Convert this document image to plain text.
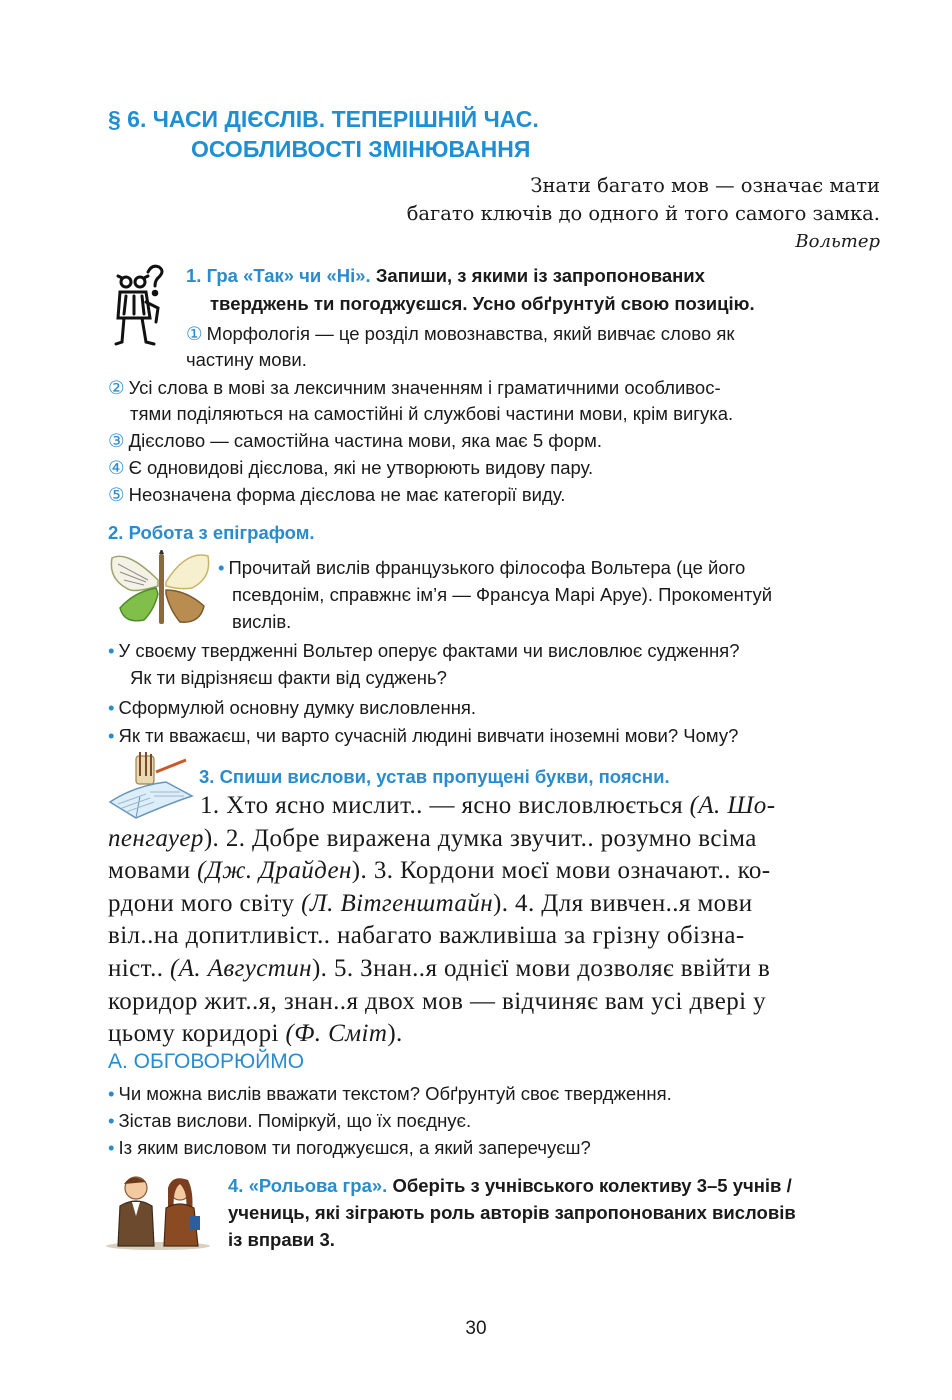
§ 6. ЧАСИ ДІЄСЛІВ. ТЕПЕРІШНІЙ ЧАС.
ОСОБЛИВОСТІ ЗМІНЮВАННЯ
Знати багато мов — означає мати
багато ключів до одного й того самого замка.
Вольтер
1. Гра «Так» чи «Ні». Запиши, з якими із запропонованих
тверджень ти погоджуєшся. Усно обґрунтуй свою позицію.
① Морфологія — це розділ мовознавства, який вивчає слово як
частину мови.
② Усі слова в мові за лексичним значенням і граматичними особливос-
тями поділяються на самостійні й службові частини мови, крім вигука.
③ Дієслово — самостійна частина мови, яка має 5 форм.
④ Є одновидові дієслова, які не утворюють видову пару.
⑤ Неозначена форма дієслова не має категорії виду.
2. Робота з епіграфом.
• Прочитай вислів французького філософа Вольтера (це його
псевдонім, справжнє ім’я — Франсуа Марі Аруе). Прокоментуй
вислів.
• У своєму твердженні Вольтер оперує фактами чи висловлює судження?
Як ти відрізняєш факти від суджень?
• Сформулюй основну думку висловлення.
• Як ти вважаєш, чи варто сучасній людині вивчати іноземні мови? Чому?
3. Спиши вислови, устав пропущені букви, поясни.
1. Хто ясно мислит.. — ясно висловлюється (А. Шо-
пенгауер). 2. Добре виражена думка звучит.. розумно всіма
мовами (Дж. Драйден). 3. Кордони моєї мови означают.. ко-
рдони мого світу (Л. Вітгенштайн). 4. Для вивчен..я мови
віл..на допитливіст.. набагато важливіша за грізну обізна-
ніст.. (А. Августин). 5. Знан..я однієї мови дозволяє ввійти в
коридор жит..я, знан..я двох мов — відчиняє вам усі двері у
цьому коридорі (Ф. Сміт).
А. ОБГОВОРЮЙМО
• Чи можна вислів вважати текстом? Обґрунтуй своє твердження.
• Зістав вислови. Поміркуй, що їх поєднує.
• Із яким висловом ти погоджуєшся, а який заперечуєш?
4. «Рольова гра». Оберіть з учнівського колективу 3–5 учнів /
учениць, які зіграють роль авторів запропонованих висловів
із вправи 3.
30
